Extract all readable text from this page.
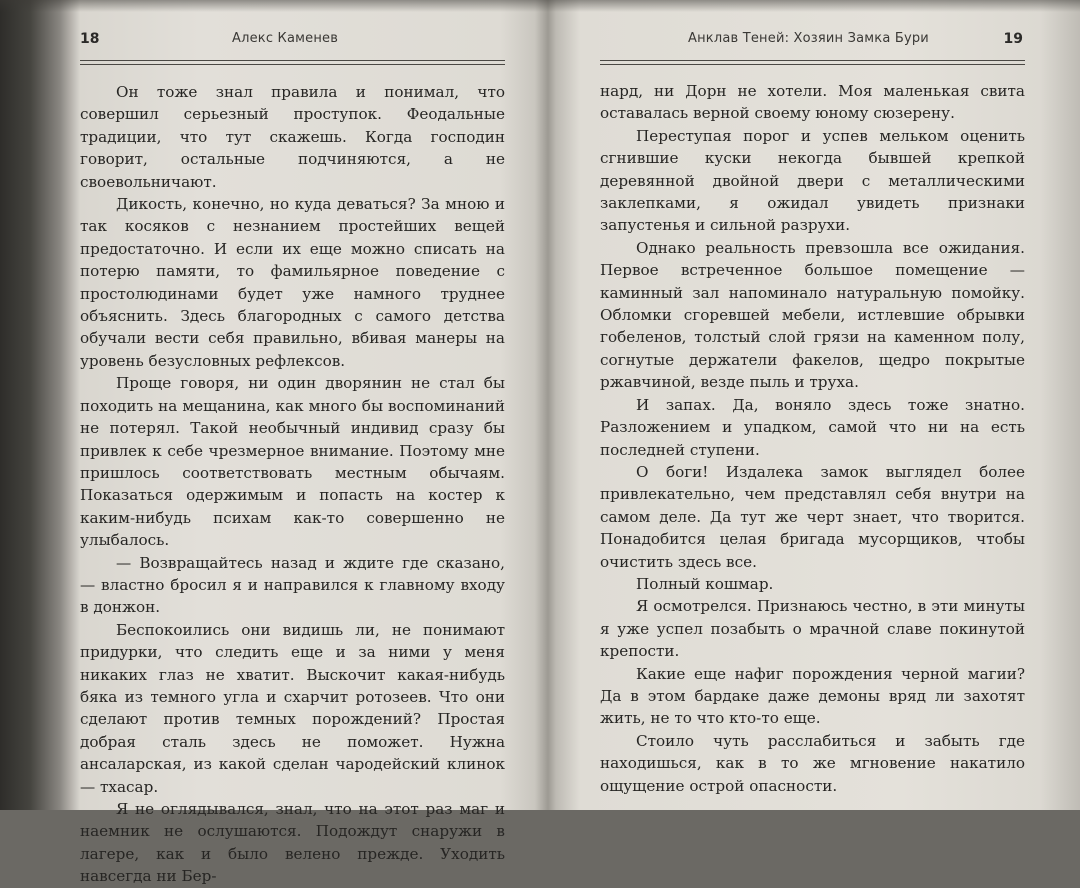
18	Алекс Каменев

Он тоже знал правила и понимал, что совершил серьезный проступок. Феодальные традиции, что тут скажешь. Когда господин говорит, остальные подчиняются, а не своевольничают.

Дикость, конечно, но куда деваться? За мною и так косяков с незнанием простейших вещей предостаточно. И если их еще можно списать на потерю памяти, то фамильярное поведение с простолюдинами будет уже намного труднее объяснить. Здесь благородных с самого детства обучали вести себя правильно, вбивая манеры на уровень безусловных рефлексов.

Проще говоря, ни один дворянин не стал бы походить на мещанина, как много бы воспоминаний не потерял. Такой необычный индивид сразу бы привлек к себе чрезмерное внимание. Поэтому мне пришлось соответствовать местным обычаям. Показаться одержимым и попасть на костер к каким-нибудь психам как-то совершенно не улыбалось.

— Возвращайтесь назад и ждите где сказано, — властно бросил я и направился к главному входу в донжон.

Беспокоились они видишь ли, не понимают придурки, что следить еще и за ними у меня никаких глаз не хватит. Выскочит какая-нибудь бяка из темного угла и схарчит ротозеев. Что они сделают против темных порождений? Простая добрая сталь здесь не поможет. Нужна ансаларская, из какой сделан чародейский клинок — тхасар.

Я не оглядывался, знал, что на этот раз маг и наемник не ослушаются. Подождут снаружи в лагере, как и было велено прежде. Уходить навсегда ни Бер-

Анклав Теней: Хозяин Замка Бури	19

нард, ни Дорн не хотели. Моя маленькая свита оставалась верной своему юному сюзерену.

Переступая порог и успев мельком оценить сгнившие куски некогда бывшей крепкой деревянной двойной двери с металлическими заклепками, я ожидал увидеть признаки запустенья и сильной разрухи.

Однако реальность превзошла все ожидания. Первое встреченное большое помещение — каминный зал напоминало натуральную помойку. Обломки сгоревшей мебели, истлевшие обрывки гобеленов, толстый слой грязи на каменном полу, согнутые держатели факелов, щедро покрытые ржавчиной, везде пыль и труха.

И запах. Да, воняло здесь тоже знатно. Разложением и упадком, самой что ни на есть последней ступени.

О боги! Издалека замок выглядел более привлекательно, чем представлял себя внутри на самом деле. Да тут же черт знает, что творится. Понадобится целая бригада мусорщиков, чтобы очистить здесь все.

Полный кошмар.

Я осмотрелся. Признаюсь честно, в эти минуты я уже успел позабыть о мрачной славе покинутой крепости.

Какие еще нафиг порождения черной магии? Да в этом бардаке даже демоны вряд ли захотят жить, не то что кто-то еще.

Стоило чуть расслабиться и забыть где находишься, как в то же мгновение накатило ощущение острой опасности.
